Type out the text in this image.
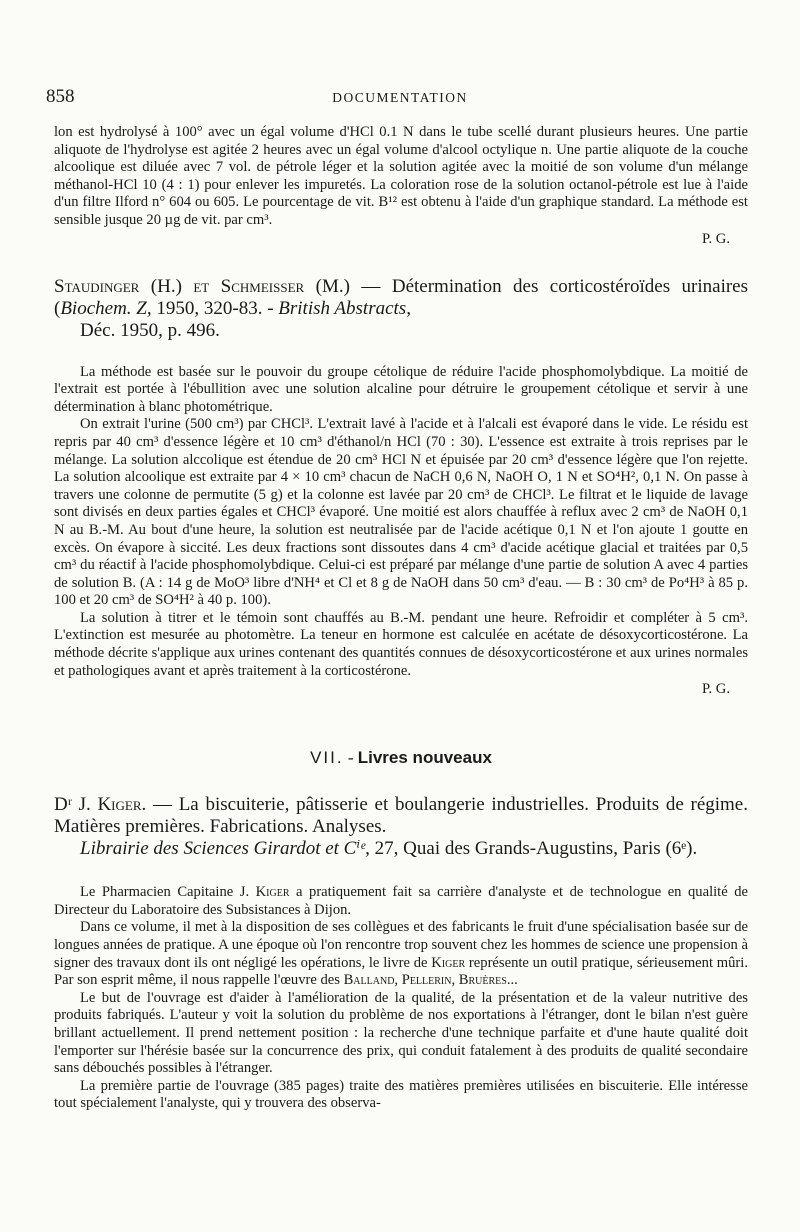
858	DOCUMENTATION

lon est hydrolysé à 100° avec un égal volume d'HCl 0.1 N dans le tube scellé durant plusieurs heures. Une partie aliquote de l'hydrolyse est agitée 2 heures avec un égal volume d'alcool octylique n. Une partie aliquote de la couche alcoolique est diluée avec 7 vol. de pétrole léger et la solution agitée avec la moitié de son volume d'un mélange méthanol-HCl 10 (4 : 1) pour enlever les impuretés. La coloration rose de la solution octanol-pétrole est lue à l'aide d'un filtre Ilford n° 604 ou 605. Le pourcentage de vit. B¹² est obtenu à l'aide d'un graphique standard. La méthode est sensible jusque 20 µg de vit. par cm³.

P. G.
Staudinger (H.) et Schmeisser (M.) — Détermination des corticostéroïdes urinaires (Biochem. Z, 1950, 320-83. - British Abstracts,
Déc. 1950, p. 496.

La méthode est basée sur le pouvoir du groupe cétolique de réduire l'acide phosphomolybdique. La moitié de l'extrait est portée à l'ébullition avec une solution alcaline pour détruire le groupement cétolique et servir à une détermination à blanc photométrique.

On extrait l'urine (500 cm³) par CHCl³. L'extrait lavé à l'acide et à l'alcali est évaporé dans le vide. Le résidu est repris par 40 cm³ d'essence légère et 10 cm³ d'éthanol/n HCl (70 : 30). L'essence est extraite à trois reprises par le mélange. La solution alccolique est étendue de 20 cm³ HCl N et épuisée par 20 cm³ d'essence légère que l'on rejette. La solution alcoolique est extraite par 4 × 10 cm³ chacun de NaCH 0,6 N, NaOH O, 1 N et SO⁴H², 0,1 N. On passe à travers une colonne de permutite (5 g) et la colonne est lavée par 20 cm³ de CHCl³. Le filtrat et le liquide de lavage sont divisés en deux parties égales et CHCl³ évaporé. Une moitié est alors chauffée à reflux avec 2 cm³ de NaOH 0,1 N au B.-M. Au bout d'une heure, la solution est neutralisée par de l'acide acétique 0,1 N et l'on ajoute 1 goutte en excès. On évapore à siccité. Les deux fractions sont dissoutes dans 4 cm³ d'acide acétique glacial et traitées par 0,5 cm³ du réactif à l'acide phosphomolybdique. Celui-ci est préparé par mélange d'une partie de solution A avec 4 parties de solution B. (A : 14 g de MoO³ libre d'NH⁴ et Cl et 8 g de NaOH dans 50 cm³ d'eau. — B : 30 cm³ de Po⁴H³ à 85 p. 100 et 20 cm³ de SO⁴H² à 40 p. 100).

La solution à titrer et le témoin sont chauffés au B.-M. pendant une heure. Refroidir et compléter à 5 cm³. L'extinction est mesurée au photomètre. La teneur en hormone est calculée en acétate de désoxycorticostérone. La méthode décrite s'applique aux urines contenant des quantités connues de désoxycorticostérone et aux urines normales et pathologiques avant et après traitement à la corticostérone.

P. G.
VII. - Livres nouveaux
Dʳ J. Kiger. — La biscuiterie, pâtisserie et boulangerie industrielles. Produits de régime. Matières premières. Fabrications. Analyses.
Librairie des Sciences Girardot et Cⁱᵉ, 27, Quai des Grands-Augustins, Paris (6ᵉ).

Le Pharmacien Capitaine J. Kiger a pratiquement fait sa carrière d'analyste et de technologue en qualité de Directeur du Laboratoire des Subsistances à Dijon.

Dans ce volume, il met à la disposition de ses collègues et des fabricants le fruit d'une spécialisation basée sur de longues années de pratique. A une époque où l'on rencontre trop souvent chez les hommes de science une propension à signer des travaux dont ils ont négligé les opérations, le livre de Kiger représente un outil pratique, sérieusement mûri. Par son esprit même, il nous rappelle l'œuvre des Balland, Pellerin, Bruères...

Le but de l'ouvrage est d'aider à l'amélioration de la qualité, de la présentation et de la valeur nutritive des produits fabriqués. L'auteur y voit la solution du problème de nos exportations à l'étranger, dont le bilan n'est guère brillant actuellement. Il prend nettement position : la recherche d'une technique parfaite et d'une haute qualité doit l'emporter sur l'hérésie basée sur la concurrence des prix, qui conduit fatalement à des produits de qualité secondaire sans débouchés possibles à l'étranger.

La première partie de l'ouvrage (385 pages) traite des matières premières utilisées en biscuiterie. Elle intéresse tout spécialement l'analyste, qui y trouvera des observa-
